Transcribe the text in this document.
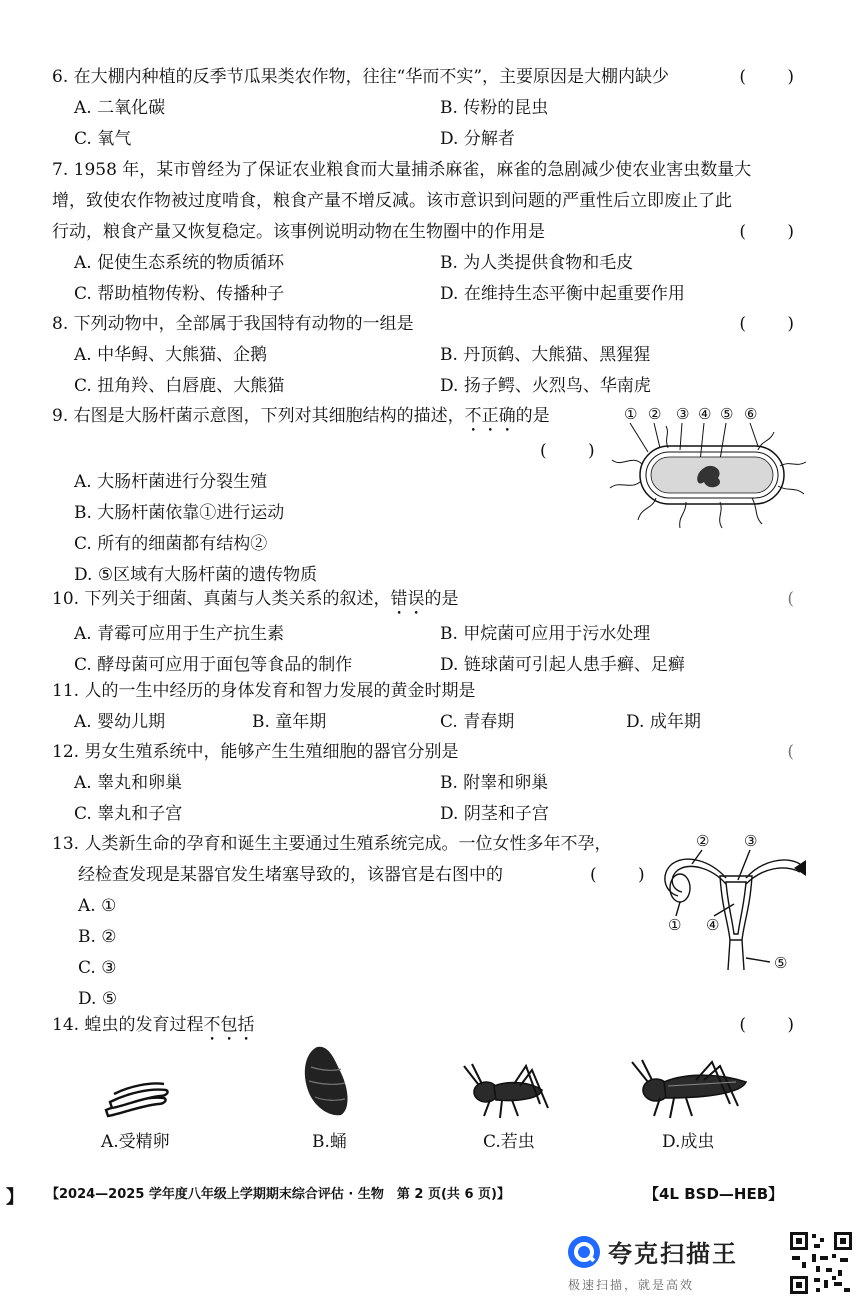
6. 在大棚内种植的反季节瓜果类农作物，往往“华而不实”，主要原因是大棚内缺少	( )
A. 二氧化碳	B. 传粉的昆虫
C. 氧气	D. 分解者
7. 1958 年，某市曾经为了保证农业粮食而大量捕杀麻雀，麻雀的急剧减少使农业害虫数量大
增，致使农作物被过度啃食，粮食产量不增反减。该市意识到问题的严重性后立即废止了此
行动，粮食产量又恢复稳定。该事例说明动物在生物圈中的作用是	( )
A. 促使生态系统的物质循环	B. 为人类提供食物和毛皮
C. 帮助植物传粉、传播种子	D. 在维持生态平衡中起重要作用
8. 下列动物中，全部属于我国特有动物的一组是	( )
A. 中华鲟、大熊猫、企鹅	B. 丹顶鹤、大熊猫、黑猩猩
C. 扭角羚、白唇鹿、大熊猫	D. 扬子鳄、火烈鸟、华南虎
9. 右图是大肠杆菌示意图，下列对其细胞结构的描述，不正确的是
( )
A. 大肠杆菌进行分裂生殖
B. 大肠杆菌依靠①进行运动
C. 所有的细菌都有结构②
D. ⑤区域有大肠杆菌的遗传物质
① ② ③ ④ ⑤ ⑥
10. 下列关于细菌、真菌与人类关系的叙述，错误的是	(
A. 青霉可应用于生产抗生素	B. 甲烷菌可应用于污水处理
C. 酵母菌可应用于面包等食品的制作	D. 链球菌可引起人患手癣、足癣
11. 人的一生中经历的身体发育和智力发展的黄金时期是
A. 婴幼儿期	B. 童年期	C. 青春期	D. 成年期
12. 男女生殖系统中，能够产生生殖细胞的器官分别是	(
A. 睾丸和卵巢	B. 附睾和卵巢
C. 睾丸和子宫	D. 阴茎和子宫
13. 人类新生命的孕育和诞生主要通过生殖系统完成。一位女性多年不孕，
经检查发现是某器官发生堵塞导致的，该器官是右图中的	( )
A. ①
B. ②
C. ③
D. ⑤
② ③
① ④
⑤
14. 蝗虫的发育过程不包括	( )
A.受精卵	B.蛹	C.若虫	D.成虫
】 【2024—2025 学年度八年级上学期期末综合评估 · 生物　第 2 页(共 6 页)】	【4L BSD—HEB】
夸克扫描王
极速扫描，就是高效
